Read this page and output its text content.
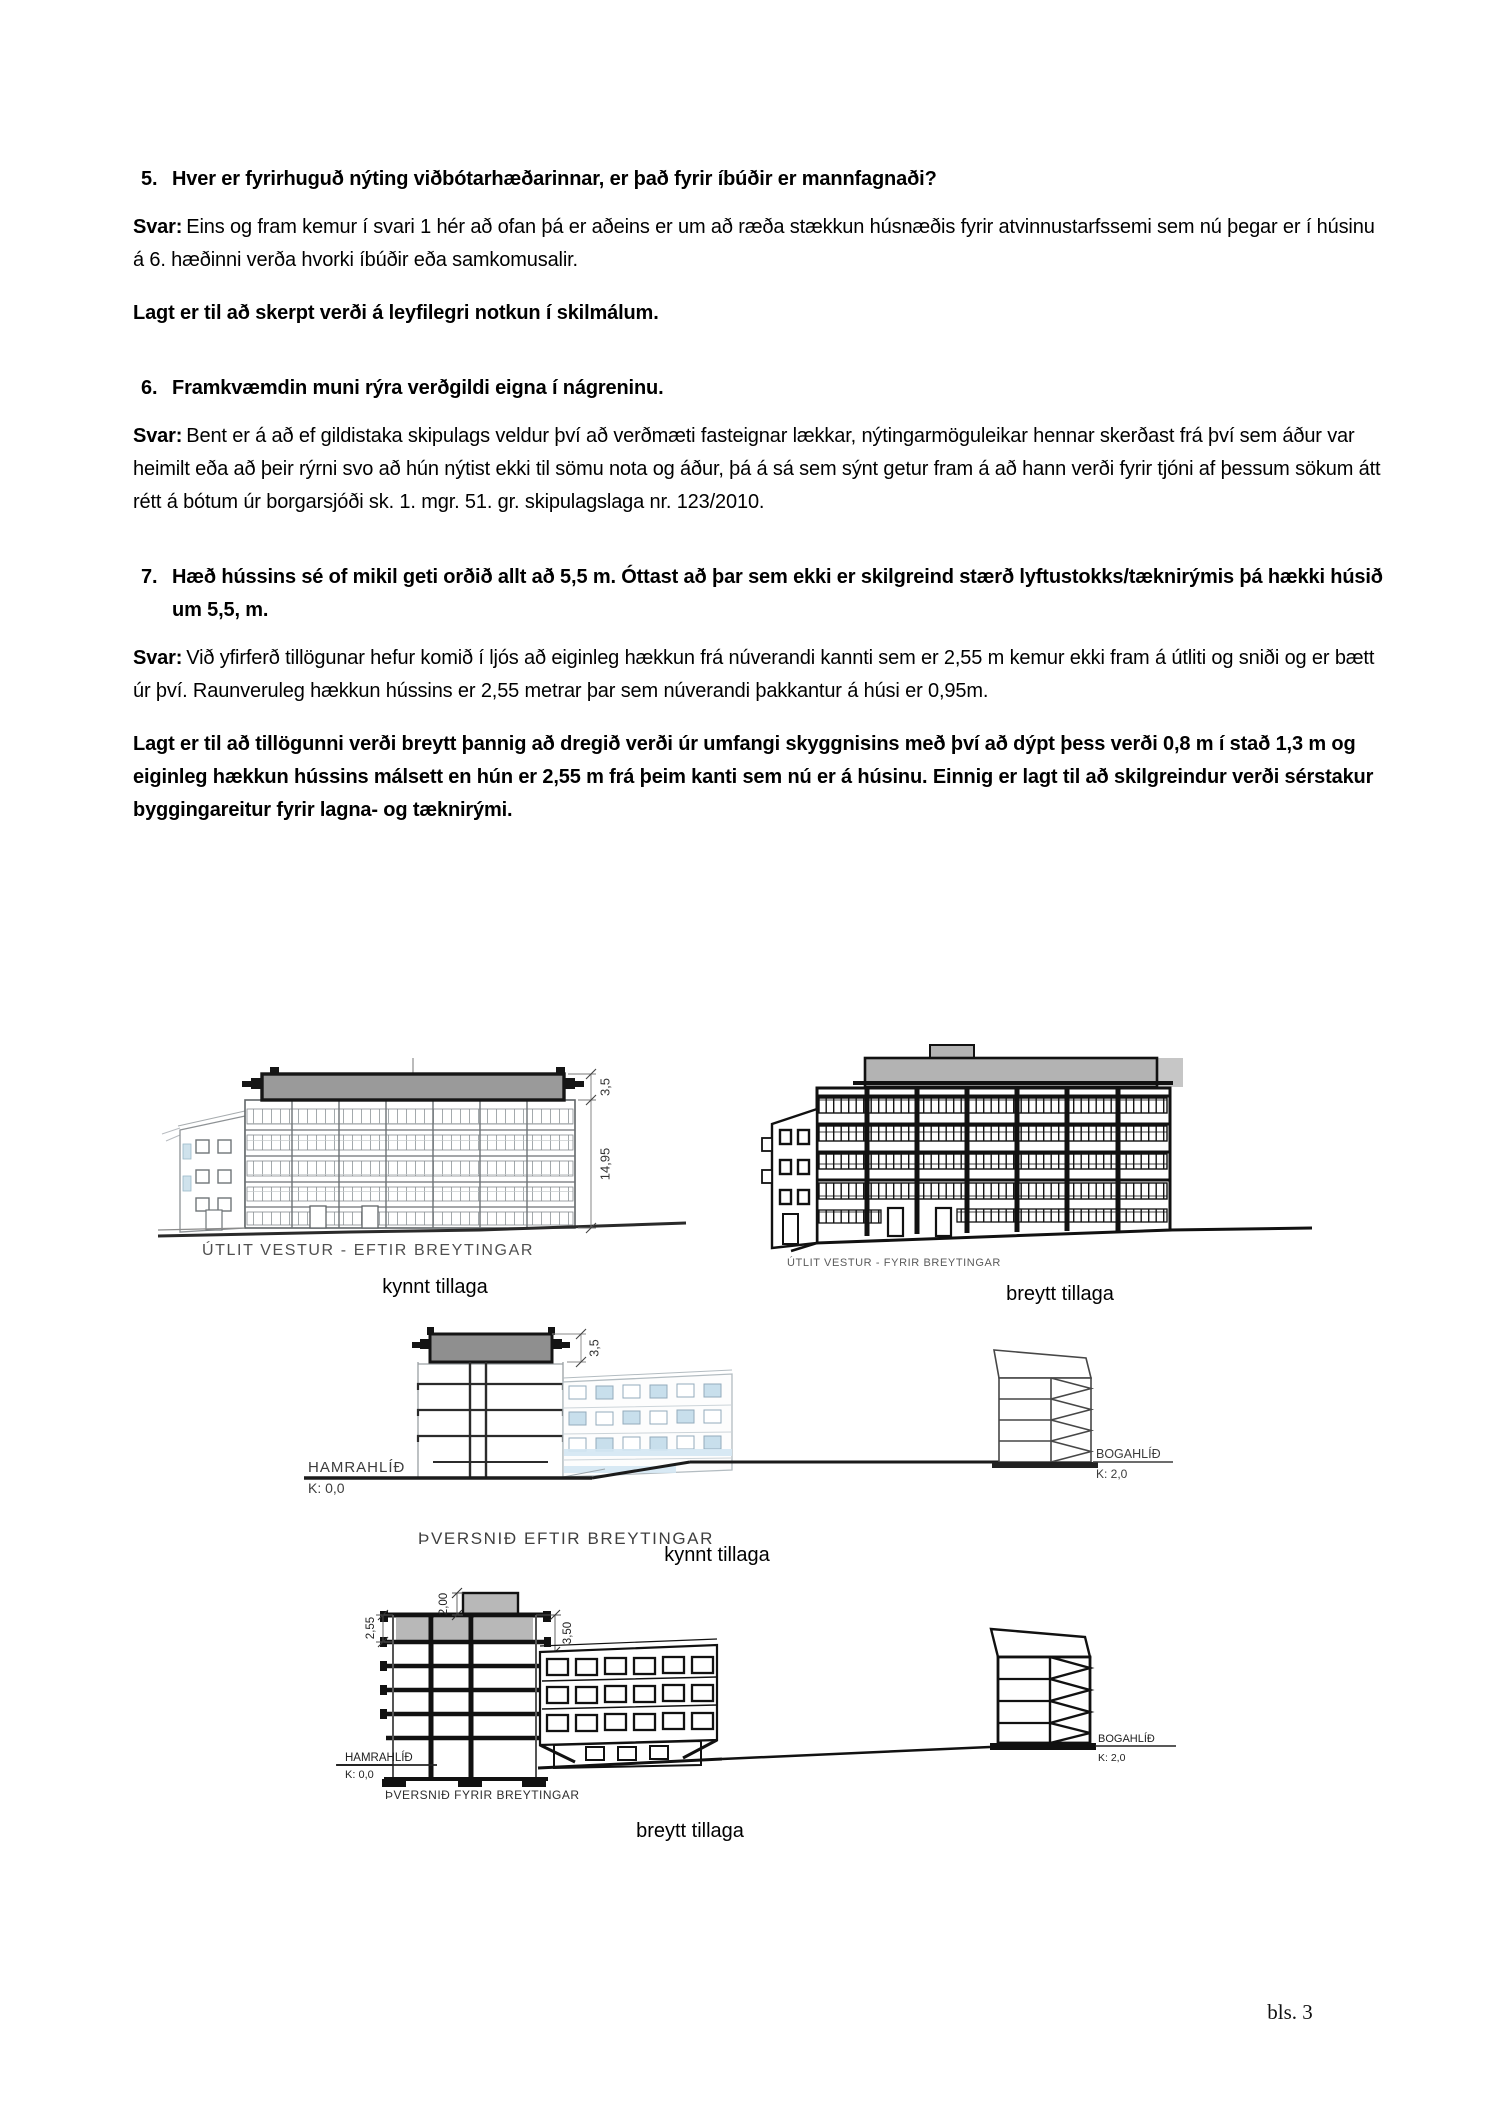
5. Hver er fyrirhuguð nýting viðbótarhæðarinnar, er það fyrir íbúðir er mannfagnaði?

Svar: Eins og fram kemur í svari 1 hér að ofan þá er aðeins er um að ræða stækkun húsnæðis fyrir atvinnustarfssemi sem nú þegar er í húsinu á 6. hæðinni verða hvorki íbúðir eða samkomusalir.

Lagt er til að skerpt verði á leyfilegri notkun í skilmálum.

6. Framkvæmdin muni rýra verðgildi eigna í nágreninu.

Svar: Bent er á að ef gildistaka skipulags veldur því að verðmæti fasteignar lækkar, nýtingarmöguleikar hennar skerðast frá því sem áður var heimilt eða að þeir rýrni svo að hún nýtist ekki til sömu nota og áður, þá á sá sem sýnt getur fram á að hann verði fyrir tjóni af þessum sökum átt rétt á bótum úr borgarsjóði sk. 1. mgr. 51. gr. skipulagslaga nr. 123/2010.

7. Hæð hússins sé of mikil geti orðið allt að 5,5 m. Óttast að þar sem ekki er skilgreind stærð lyftustokks/tæknirýmis þá hækki húsið um 5,5, m.

Svar: Við yfirferð tillögunar hefur komið í ljós að eiginleg hækkun frá núverandi kannti sem er 2,55 m kemur ekki fram á útliti og sniði og er bætt úr því. Raunveruleg hækkun hússins er 2,55 metrar þar sem núverandi þakkantur á húsi er 0,95m.

Lagt er til að tillögunni verði breytt þannig að dregið verði úr umfangi skyggnisins með því að dýpt þess verði 0,8 m í stað 1,3 m og eiginleg hækkun hússins málsett en hún er 2,55 m frá þeim kanti sem nú er á húsinu. Einnig er lagt til að skilgreindur verði sérstakur byggingareitur fyrir lagna- og tæknirými.

3,5
14,95
ÚTLIT VESTUR - EFTIR BREYTINGAR
kynnt tillaga
ÚTLIT VESTUR - FYRIR BREYTINGAR
breytt tillaga
3,5
HAMRAHLÍÐ
K: 0,0
BOGAHLÍÐ
K: 2,0
ÞVERSNIÐ EFTIR BREYTINGAR
kynnt tillaga
2,55
2,00
3,50
HAMRAHLÍÐ
K: 0,0
BOGAHLÍÐ
K: 2,0
ÞVERSNIÐ FYRIR BREYTINGAR
breytt tillaga
bls. 3
